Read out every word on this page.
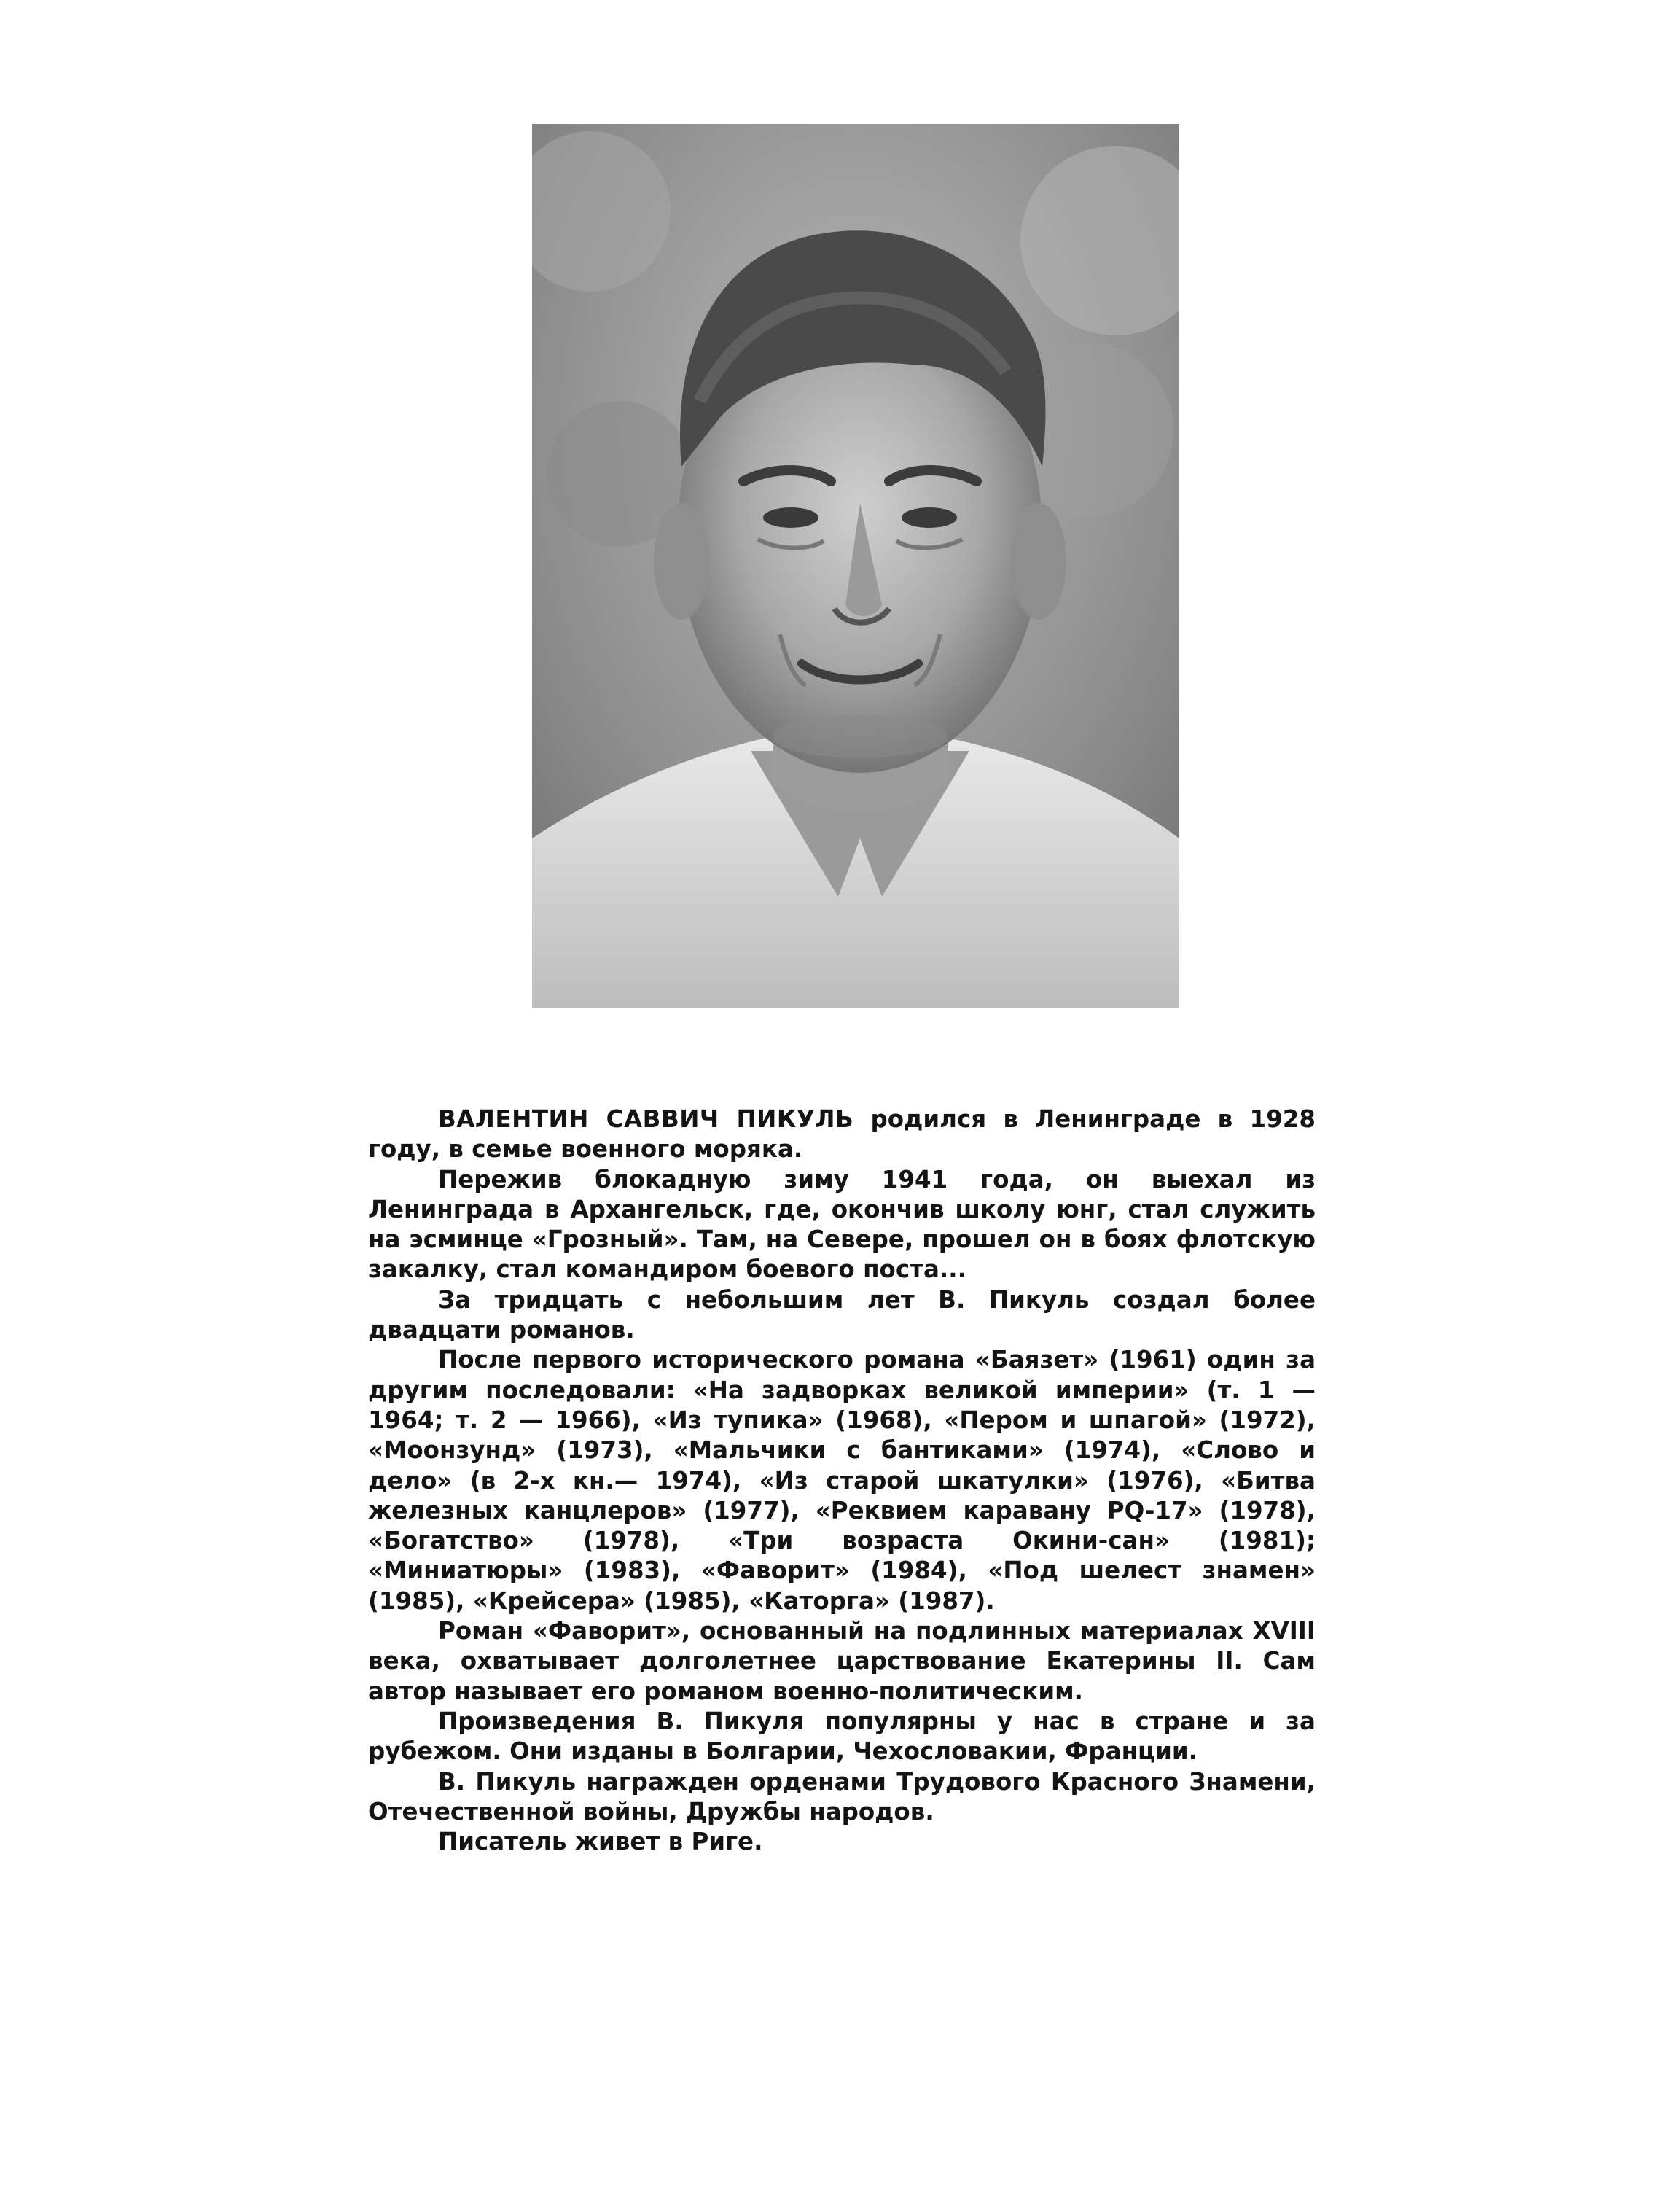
ВАЛЕНТИН САВВИЧ ПИКУЛЬ родился в Ленинграде в 1928 году, в семье военного моряка.

Пережив блокадную зиму 1941 года, он выехал из Ленинграда в Архангельск, где, окончив школу юнг, стал служить на эсминце «Грозный». Там, на Севере, прошел он в боях флотскую закалку, стал командиром боевого поста...

За тридцать с небольшим лет В. Пикуль создал более двадцати романов.

После первого исторического романа «Баязет» (1961) один за другим последовали: «На задворках великой империи» (т. 1 — 1964; т. 2 — 1966), «Из тупика» (1968), «Пером и шпагой» (1972), «Моонзунд» (1973), «Мальчики с бантиками» (1974), «Слово и дело» (в 2-х кн.— 1974), «Из старой шкатулки» (1976), «Битва железных канцлеров» (1977), «Реквием каравану PQ-17» (1978), «Богатство» (1978), «Три возраста Окини-сан» (1981); «Миниатюры» (1983), «Фаворит» (1984), «Под шелест знамен» (1985), «Крейсера» (1985), «Каторга» (1987).

Роман «Фаворит», основанный на подлинных материалах XVIII века, охватывает долголетнее царствование Екатерины II. Сам автор называет его романом военно-политическим.

Произведения В. Пикуля популярны у нас в стране и за рубежом. Они изданы в Болгарии, Чехословакии, Франции.

В. Пикуль награжден орденами Трудового Красного Знамени, Отечественной войны, Дружбы народов.

Писатель живет в Риге.
